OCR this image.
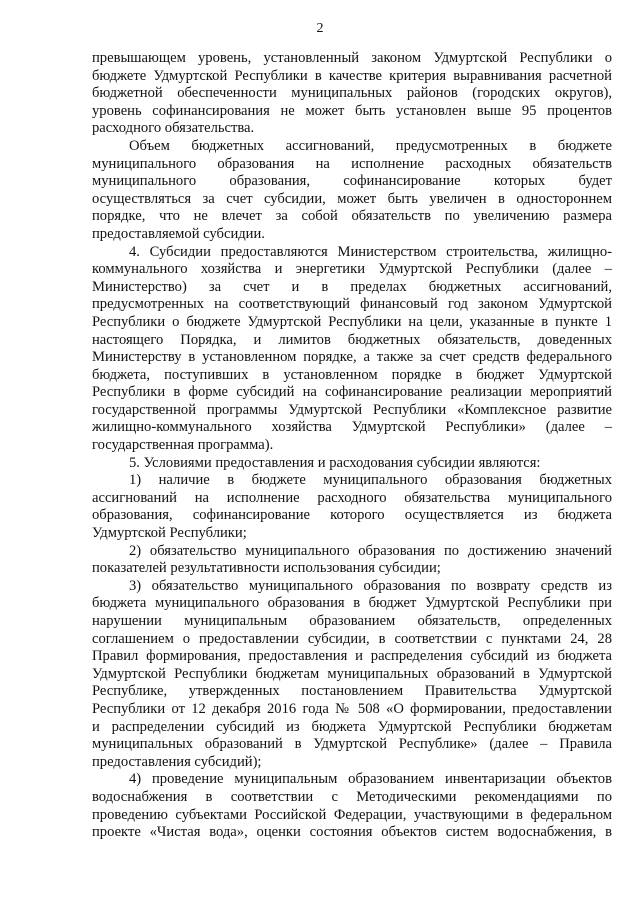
2
превышающем уровень, установленный законом Удмуртской Республики о
бюджете Удмуртской Республики в качестве критерия выравнивания расчетной
бюджетной обеспеченности муниципальных районов (городских округов),
уровень софинансирования не может быть установлен выше 95 процентов
расходного обязательства.
Объем бюджетных ассигнований, предусмотренных в бюджете
муниципального образования на исполнение расходных обязательств
муниципального образования, софинансирование которых будет
осуществляться за счет субсидии, может быть увеличен в одностороннем
порядке, что не влечет за собой обязательств по увеличению размера
предоставляемой субсидии.
4. Субсидии предоставляются Министерством строительства, жилищно-
коммунального хозяйства и энергетики Удмуртской Республики (далее –
Министерство) за счет и в пределах бюджетных ассигнований,
предусмотренных на соответствующий финансовый год законом Удмуртской
Республики о бюджете Удмуртской Республики на цели, указанные в пункте 1
настоящего Порядка, и лимитов бюджетных обязательств, доведенных
Министерству в установленном порядке, а также за счет средств федерального
бюджета, поступивших в установленном порядке в бюджет Удмуртской
Республики в форме субсидий на софинансирование реализации мероприятий
государственной программы Удмуртской Республики «Комплексное развитие
жилищно-коммунального хозяйства Удмуртской Республики» (далее –
государственная программа).
5. Условиями предоставления и расходования субсидии являются:
1) наличие в бюджете муниципального образования бюджетных
ассигнований на исполнение расходного обязательства муниципального
образования, софинансирование которого осуществляется из бюджета
Удмуртской Республики;
2) обязательство муниципального образования по достижению значений
показателей результативности использования субсидии;
3) обязательство муниципального образования по возврату средств из
бюджета муниципального образования в бюджет Удмуртской Республики при
нарушении муниципальным образованием обязательств, определенных
соглашением о предоставлении субсидии, в соответствии с пунктами 24, 28
Правил формирования, предоставления и распределения субсидий из бюджета
Удмуртской Республики бюджетам муниципальных образований в Удмуртской
Республике, утвержденных постановлением Правительства Удмуртской
Республики от 12 декабря 2016 года № 508 «О формировании, предоставлении
и распределении субсидий из бюджета Удмуртской Республики бюджетам
муниципальных образований в Удмуртской Республике» (далее – Правила
предоставления субсидий);
4) проведение муниципальным образованием инвентаризации объектов
водоснабжения в соответствии с Методическими рекомендациями по
проведению субъектами Российской Федерации, участвующими в федеральном
проекте «Чистая вода», оценки состояния объектов систем водоснабжения, в
